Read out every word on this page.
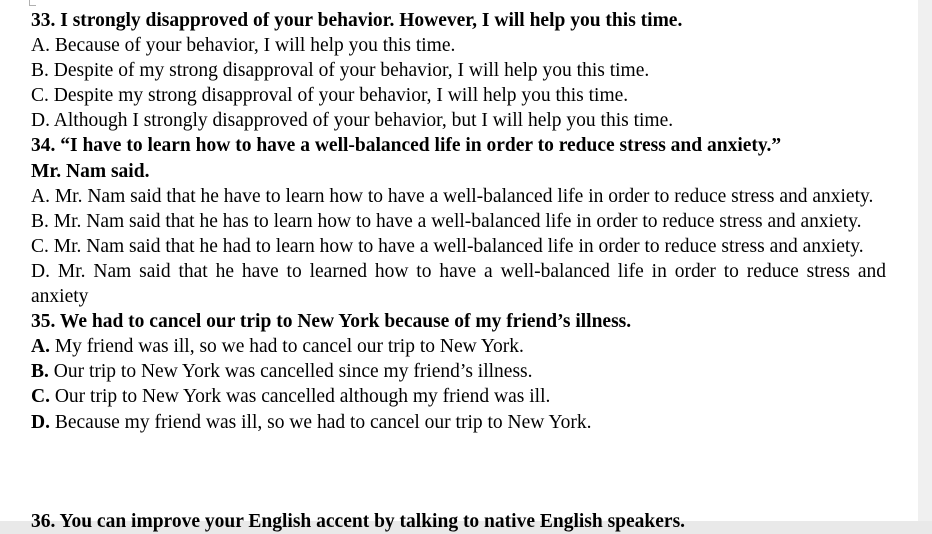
33. I strongly disapproved of your behavior. However, I will help you this time.
A. Because of your behavior, I will help you this time.
B. Despite of my strong disapproval of your behavior, I will help you this time.
C. Despite my strong disapproval of your behavior, I will help you this time.
D. Although I strongly disapproved of your behavior, but I will help you this time.
34. “I have to learn how to have a well-balanced life in order to reduce stress and anxiety.”
Mr. Nam said.
A. Mr. Nam said that he have to learn how to have a well-balanced life in order to reduce stress and anxiety.
B. Mr. Nam said that he has to learn how to have a well-balanced life in order to reduce stress and anxiety.
C. Mr. Nam said that he had to learn how to have a well-balanced life in order to reduce stress and anxiety.
D. Mr. Nam said that he have to learned how to have a well-balanced life in order to reduce stress and anxiety
35. We had to cancel our trip to New York because of my friend’s illness.
A. My friend was ill, so we had to cancel our trip to New York.
B. Our trip to New York was cancelled since my friend’s illness.
C. Our trip to New York was cancelled although my friend was ill.
D. Because my friend was ill, so we had to cancel our trip to New York.
36. You can improve your English accent by talking to native English speakers.
